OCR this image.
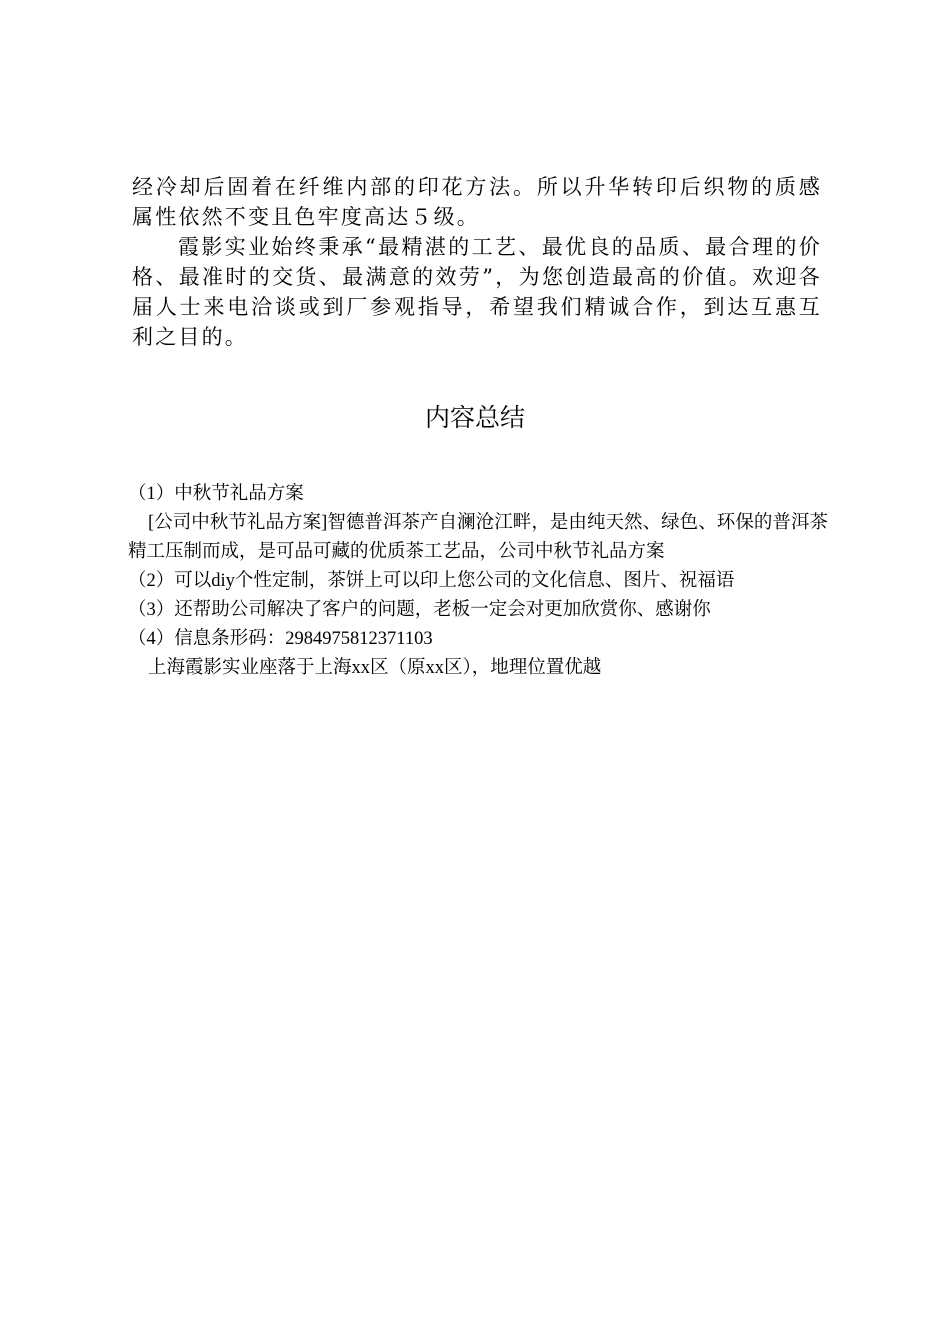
经冷却后固着在纤维内部的印花方法。所以升华转印后织物的质感属性依然不变且色牢度高达５级。

霞影实业始终秉承“最精湛的工艺、最优良的品质、最合理的价格、最准时的交货、最满意的效劳”，为您创造最高的价值。欢迎各届人士来电洽谈或到厂参观指导，希望我们精诚合作，到达互惠互利之目的。

内容总结

（1）中秋节礼品方案

[公司中秋节礼品方案]智德普洱茶产自澜沧江畔，是由纯天然、绿色、环保的普洱茶精工压制而成，是可品可藏的优质茶工艺品，公司中秋节礼品方案

（2）可以diy个性定制，茶饼上可以印上您公司的文化信息、图片、祝福语

（3）还帮助公司解决了客户的问题，老板一定会对更加欣赏你、感谢你

（4）信息条形码：2984975812371103

上海霞影实业座落于上海xx区（原xx区），地理位置优越
